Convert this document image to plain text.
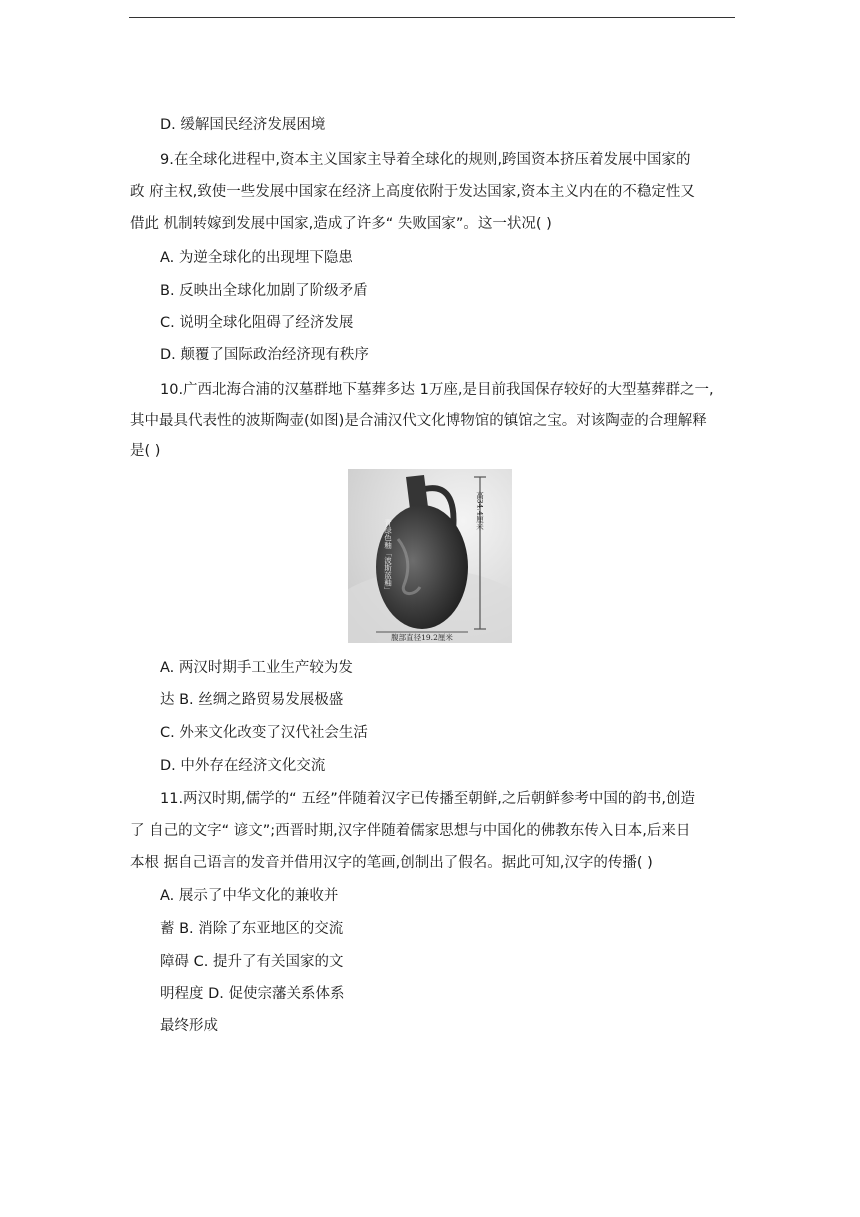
D. 缓解国民经济发展困境
9.在全球化进程中,资本主义国家主导着全球化的规则,跨国资本挤压着发展中国家的
政 府主权,致使一些发展中国家在经济上高度依附于发达国家,资本主义内在的不稳定性又
借此 机制转嫁到发展中国家,造成了许多“ 失败国家”。这一状况( )
A. 为逆全球化的出现埋下隐患
B. 反映出全球化加剧了阶级矛盾
C. 说明全球化阻碍了经济发展
D. 颠覆了国际政治经济现有秩序
10.广西北海合浦的汉墓群地下墓葬多达 1万座,是目前我国保存较好的大型墓葬群之一,
其中最具代表性的波斯陶壶(如图)是合浦汉代文化博物馆的镇馆之宝。对该陶壶的合理解释
是( )
高34.4厘米
青绿色釉「波斯蓝釉」
腹部直径19.2厘米
A. 两汉时期手工业生产较为发
达 B. 丝绸之路贸易发展极盛
C. 外来文化改变了汉代社会生活
D. 中外存在经济文化交流
11.两汉时期,儒学的“ 五经”伴随着汉字已传播至朝鲜,之后朝鲜参考中国的韵书,创造
了 自己的文字“ 谚文”;西晋时期,汉字伴随着儒家思想与中国化的佛教东传入日本,后来日
本根 据自己语言的发音并借用汉字的笔画,创制出了假名。据此可知,汉字的传播( )
A. 展示了中华文化的兼收并
蓄 B. 消除了东亚地区的交流
障碍 C. 提升了有关国家的文
明程度 D. 促使宗藩关系体系
最终形成
